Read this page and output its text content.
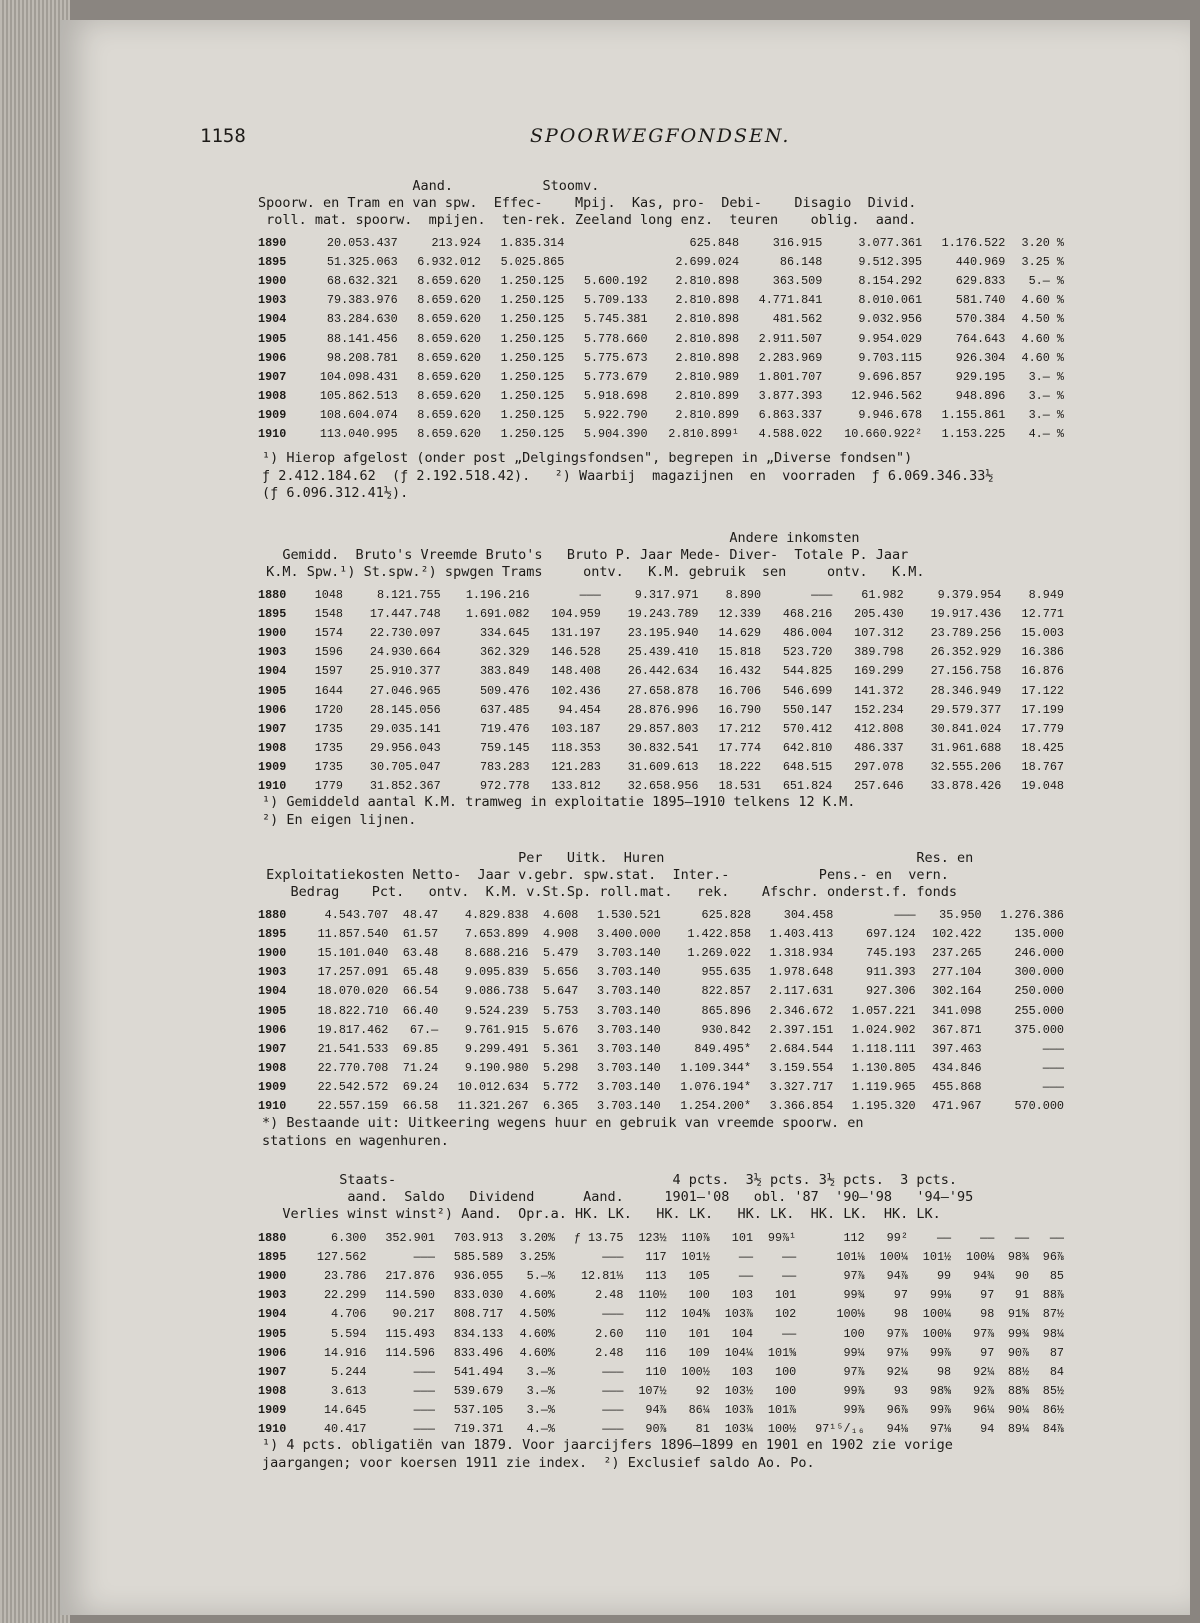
1158	SPOORWEGFONDSEN.
Aand.           Stoomv.
Spoorw. en Tram en van spw.  Effec-    Mpij.  Kas, pro-  Debi-    Disagio  Divid.
roll. mat. spoorw.  mpijen.  ten-rek. Zeeland long enz.  teuren    oblig.  aand.
1890	20.053.437	213.924	1.835.314		625.848	316.915	3.077.361	1.176.522	3.20 %
1895	51.325.063	6.932.012	5.025.865		2.699.024	86.148	9.512.395	440.969	3.25 %
1900	68.632.321	8.659.620	1.250.125	5.600.192	2.810.898	363.509	8.154.292	629.833	5.— %
1903	79.383.976	8.659.620	1.250.125	5.709.133	2.810.898	4.771.841	8.010.061	581.740	4.60 %
1904	83.284.630	8.659.620	1.250.125	5.745.381	2.810.898	481.562	9.032.956	570.384	4.50 %
1905	88.141.456	8.659.620	1.250.125	5.778.660	2.810.898	2.911.507	9.954.029	764.643	4.60 %
1906	98.208.781	8.659.620	1.250.125	5.775.673	2.810.898	2.283.969	9.703.115	926.304	4.60 %
1907	104.098.431	8.659.620	1.250.125	5.773.679	2.810.989	1.801.707	9.696.857	929.195	3.— %
1908	105.862.513	8.659.620	1.250.125	5.918.698	2.810.899	3.877.393	12.946.562	948.896	3.— %
1909	108.604.074	8.659.620	1.250.125	5.922.790	2.810.899	6.863.337	9.946.678	1.155.861	3.— %
1910	113.040.995	8.659.620	1.250.125	5.904.390	2.810.899¹	4.588.022	10.660.922²	1.153.225	4.— %
¹) Hierop afgelost (onder post „Delgingsfondsen", begrepen in „Diverse fondsen")
ƒ 2.412.184.62  (ƒ 2.192.518.42).   ²) Waarbij  magazijnen  en  voorraden  ƒ 6.069.346.33½
(ƒ 6.096.312.41½).
Andere inkomsten
Gemidd.  Bruto's Vreemde Bruto's   Bruto P. Jaar Mede- Diver-  Totale P. Jaar
K.M. Spw.¹) St.spw.²) spwgen Trams     ontv.   K.M. gebruik  sen     ontv.   K.M.
1880	1048	8.121.755	1.196.216	———	9.317.971	8.890	———	61.982	9.379.954	8.949
1895	1548	17.447.748	1.691.082	104.959	19.243.789	12.339	468.216	205.430	19.917.436	12.771
1900	1574	22.730.097	334.645	131.197	23.195.940	14.629	486.004	107.312	23.789.256	15.003
1903	1596	24.930.664	362.329	146.528	25.439.410	15.818	523.720	389.798	26.352.929	16.386
1904	1597	25.910.377	383.849	148.408	26.442.634	16.432	544.825	169.299	27.156.758	16.876
1905	1644	27.046.965	509.476	102.436	27.658.878	16.706	546.699	141.372	28.346.949	17.122
1906	1720	28.145.056	637.485	94.454	28.876.996	16.790	550.147	152.234	29.579.377	17.199
1907	1735	29.035.141	719.476	103.187	29.857.803	17.212	570.412	412.808	30.841.024	17.779
1908	1735	29.956.043	759.145	118.353	30.832.541	17.774	642.810	486.337	31.961.688	18.425
1909	1735	30.705.047	783.283	121.283	31.609.613	18.222	648.515	297.078	32.555.206	18.767
1910	1779	31.852.367	972.778	133.812	32.658.956	18.531	651.824	257.646	33.878.426	19.048
¹) Gemiddeld aantal K.M. tramweg in exploitatie 1895—1910 telkens 12 K.M.
²) En eigen lijnen.
Per   Uitk.  Huren                               Res. en
Exploitatiekosten Netto-  Jaar v.gebr. spw.stat.  Inter.-           Pens.- en  vern.
Bedrag    Pct.   ontv.  K.M. v.St.Sp. roll.mat.   rek.    Afschr. onderst.f. fonds
1880	4.543.707	48.47	4.829.838	4.608	1.530.521	625.828	304.458	———	35.950	1.276.386
1895	11.857.540	61.57	7.653.899	4.908	3.400.000	1.422.858	1.403.413	697.124	102.422	135.000
1900	15.101.040	63.48	8.688.216	5.479	3.703.140	1.269.022	1.318.934	745.193	237.265	246.000
1903	17.257.091	65.48	9.095.839	5.656	3.703.140	955.635	1.978.648	911.393	277.104	300.000
1904	18.070.020	66.54	9.086.738	5.647	3.703.140	822.857	2.117.631	927.306	302.164	250.000
1905	18.822.710	66.40	9.524.239	5.753	3.703.140	865.896	2.346.672	1.057.221	341.098	255.000
1906	19.817.462	67.—	9.761.915	5.676	3.703.140	930.842	2.397.151	1.024.902	367.871	375.000
1907	21.541.533	69.85	9.299.491	5.361	3.703.140	849.495*	2.684.544	1.118.111	397.463	———
1908	22.770.708	71.24	9.190.980	5.298	3.703.140	1.109.344*	3.159.554	1.130.805	434.846	———
1909	22.542.572	69.24	10.012.634	5.772	3.703.140	1.076.194*	3.327.717	1.119.965	455.868	———
1910	22.557.159	66.58	11.321.267	6.365	3.703.140	1.254.200*	3.366.854	1.195.320	471.967	570.000
*) Bestaande uit: Uitkeering wegens huur en gebruik van vreemde spoorw. en
stations en wagenhuren.
Staats-                                  4 pcts.  3½ pcts. 3½ pcts.  3 pcts.
aand.  Saldo   Dividend      Aand.     1901—'08   obl. '87  '90—'98   '94—'95
Verlies winst winst²) Aand.  Opr.a. HK. LK.   HK. LK.   HK. LK.  HK. LK.  HK. LK.
1880	6.300	352.901	703.913	3.20%	ƒ 13.75	123½	110⅞	101	99⅞¹	112	99²	——	——	——	——
1895	127.562	———	585.589	3.25%	———	117	101½	——	——	101⅛	100¼	101½	100⅛	98¾	96⅞
1900	23.786	217.876	936.055	5.—%	12.81⅓	113	105	——	——	97⅞	94⅞	99	94¾	90	85
1903	22.299	114.590	833.030	4.60%	2.48	110½	100	103	101	99¾	97	99⅛	97	91	88⅞
1904	4.706	90.217	808.717	4.50%	———	112	104⅝	103⅞	102	100⅛	98	100¼	98	91⅝	87½
1905	5.594	115.493	834.133	4.60%	2.60	110	101	104	——	100	97⅞	100⅛	97⅞	99¾	98¼
1906	14.916	114.596	833.496	4.60%	2.48	116	109	104¼	101⅝	99¼	97⅛	99⅞	97	90⅞	87
1907	5.244	———	541.494	3.—%	———	110	100½	103	100	97⅞	92¼	98	92¼	88½	84
1908	3.613	———	539.679	3.—%	———	107½	92	103½	100	99⅞	93	98⅝	92⅞	88⅝	85½
1909	14.645	———	537.105	3.—%	———	94⅞	86¼	103⅞	101⅞	99⅞	96⅞	99⅞	96¼	90¼	86½
1910	40.417	———	719.371	4.—%	———	90⅞	81	103¼	100½	97¹⁵/₁₆	94⅛	97⅛	94	89¼	84⅞
¹) 4 pcts. obligatiën van 1879. Voor jaarcijfers 1896—1899 en 1901 en 1902 zie vorige
jaargangen; voor koersen 1911 zie index.  ²) Exclusief saldo Ao. Po.
